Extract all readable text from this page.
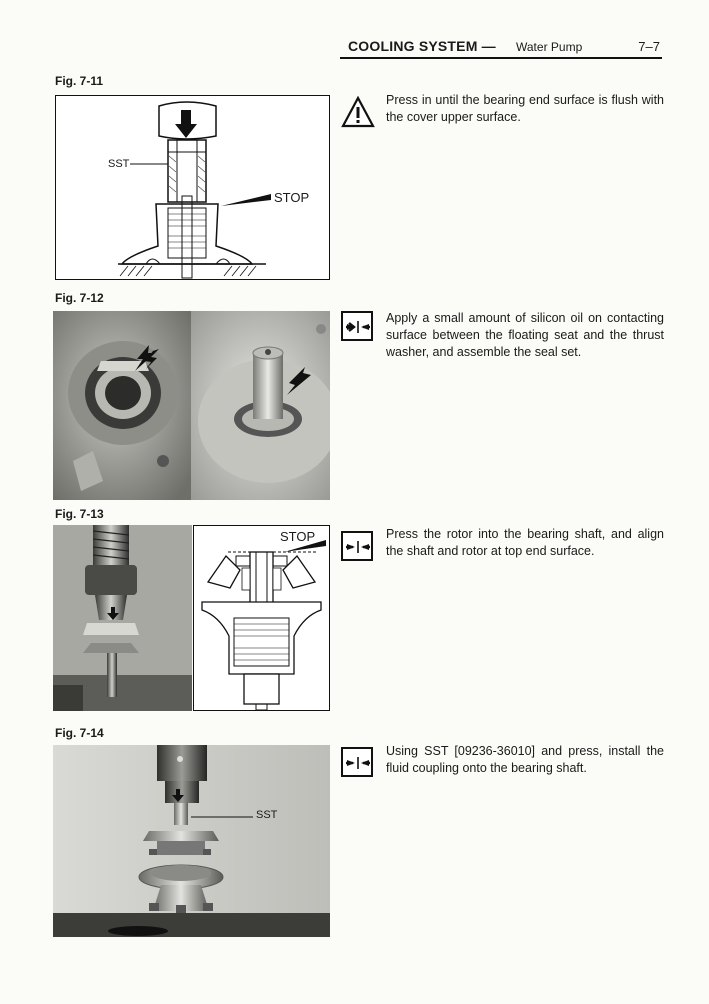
COOLING SYSTEM — Water Pump	7–7
Fig. 7-11
SST
STOP
Press in until the bearing end surface is flush with the cover upper surface.
Fig. 7-12
Apply a small amount of silicon oil on contacting surface between the floating seat and the thrust washer, and assemble the seal set.
Fig. 7-13
STOP	Press the rotor into the bearing shaft, and align the shaft and rotor at top end surface.
Fig. 7-14
SST
Using SST [09236-36010] and press, install the fluid coupling onto the bearing shaft.
